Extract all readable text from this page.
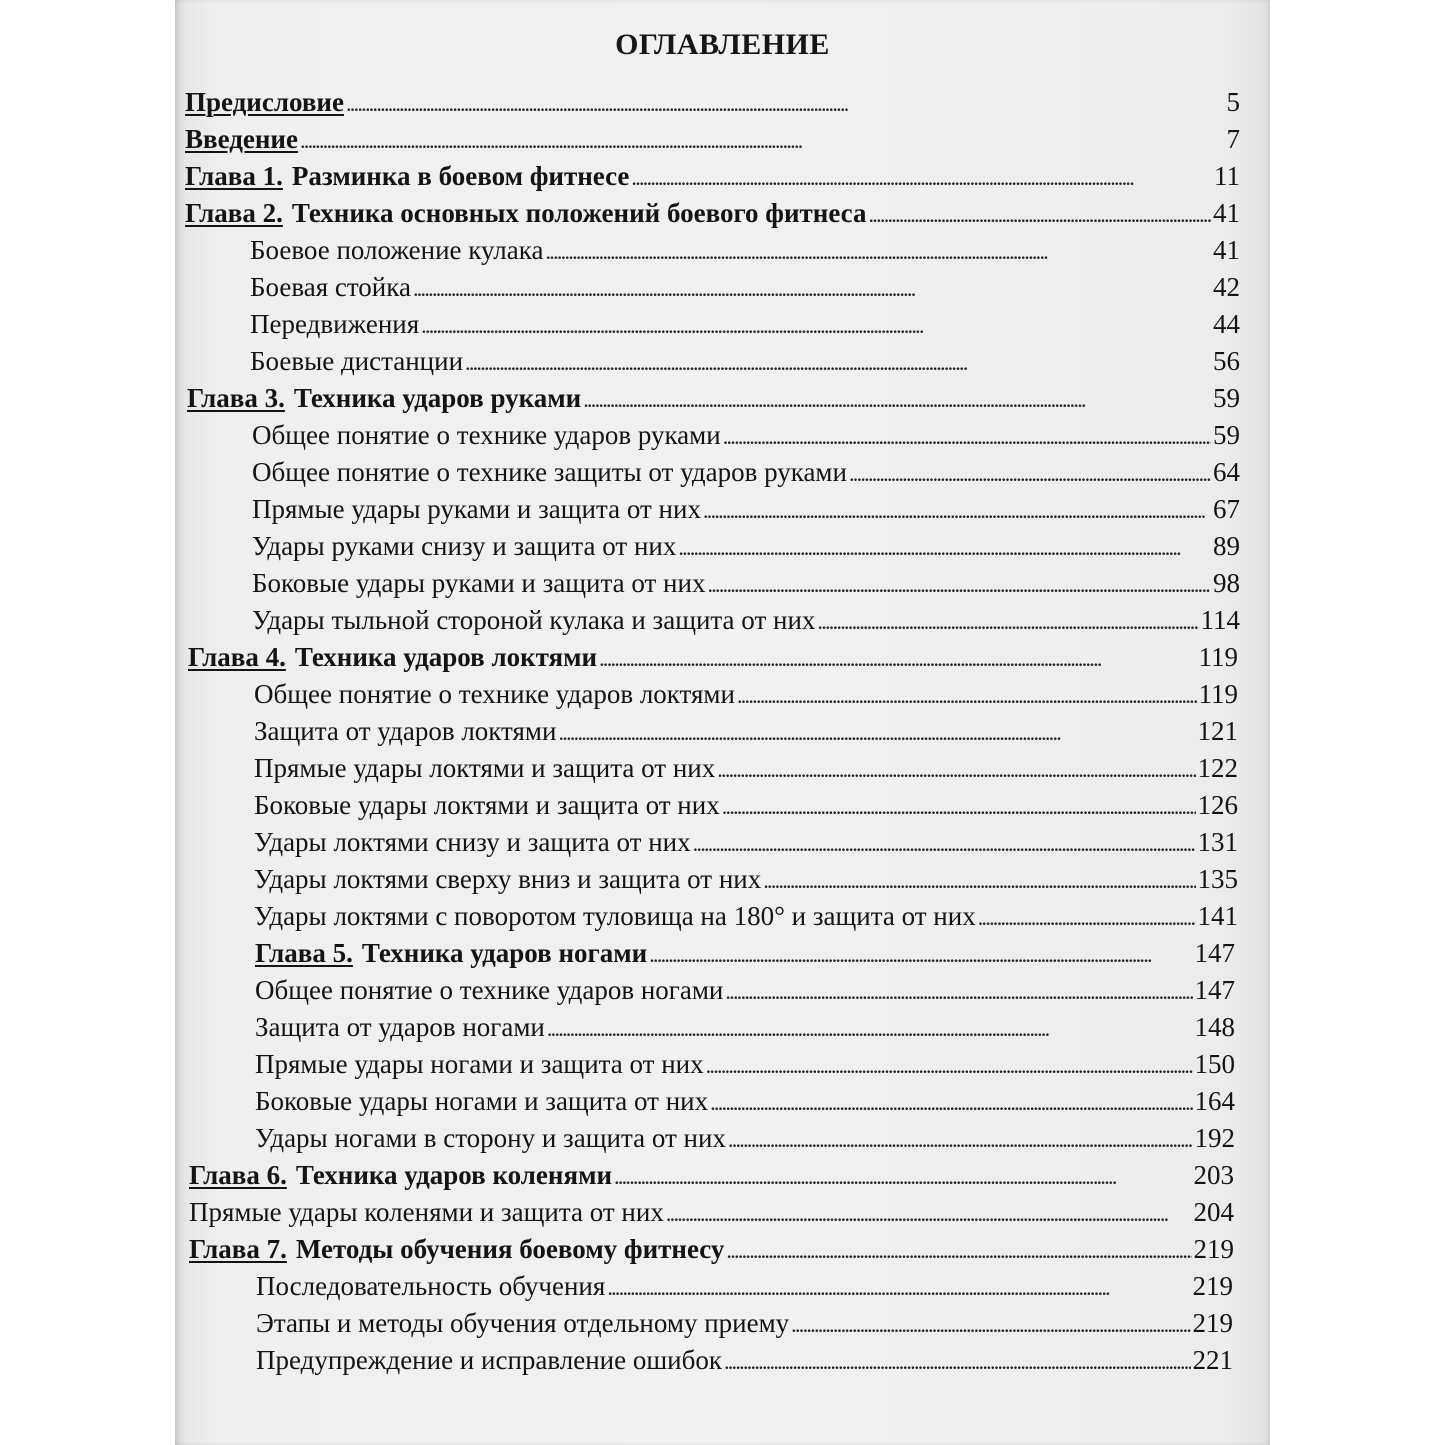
ОГЛАВЛЕНИЕ
Предисловие . . .	5
Введение . . .	7
Глава 1. Разминка в боевом фитнесе . . .	11
Глава 2. Техника основных положений боевого фитнеса . . .	41
Боевое положение кулака . . .	41
Боевая стойка . . .	42
Передвижения . . .	44
Боевые дистанции . . .	56
Глава 3. Техника ударов руками . . .	59
Общее понятие о технике ударов руками . . .	59
Общее понятие о технике защиты от ударов руками . . .	64
Прямые удары руками и защита от них . . .	67
Удары руками снизу и защита от них . . .	89
Боковые удары руками и защита от них . . .	98
Удары тыльной стороной кулака и защита от них . . .	114
Глава 4. Техника ударов локтями . . .	119
Общее понятие о технике ударов локтями . . .	119
Защита от ударов локтями . . .	121
Прямые удары локтями и защита от них . . .	122
Боковые удары локтями и защита от них . . .	126
Удары локтями снизу и защита от них . . .	131
Удары локтями сверху вниз и защита от них . . .	135
Удары локтями с поворотом туловища на 180° и защита от них . . .	141
Глава 5. Техника ударов ногами . . .	147
Общее понятие о технике ударов ногами . . .	147
Защита от ударов ногами . . .	148
Прямые удары ногами и защита от них . . .	150
Боковые удары ногами и защита от них . . .	164
Удары ногами в сторону и защита от них . . .	192
Глава 6. Техника ударов коленями . . .	203
Прямые удары коленями и защита от них . . .	204
Глава 7. Методы обучения боевому фитнесу . . .	219
Последовательность обучения . . .	219
Этапы и методы обучения отдельному приему . . .	219
Предупреждение и исправление ошибок . . .	221
